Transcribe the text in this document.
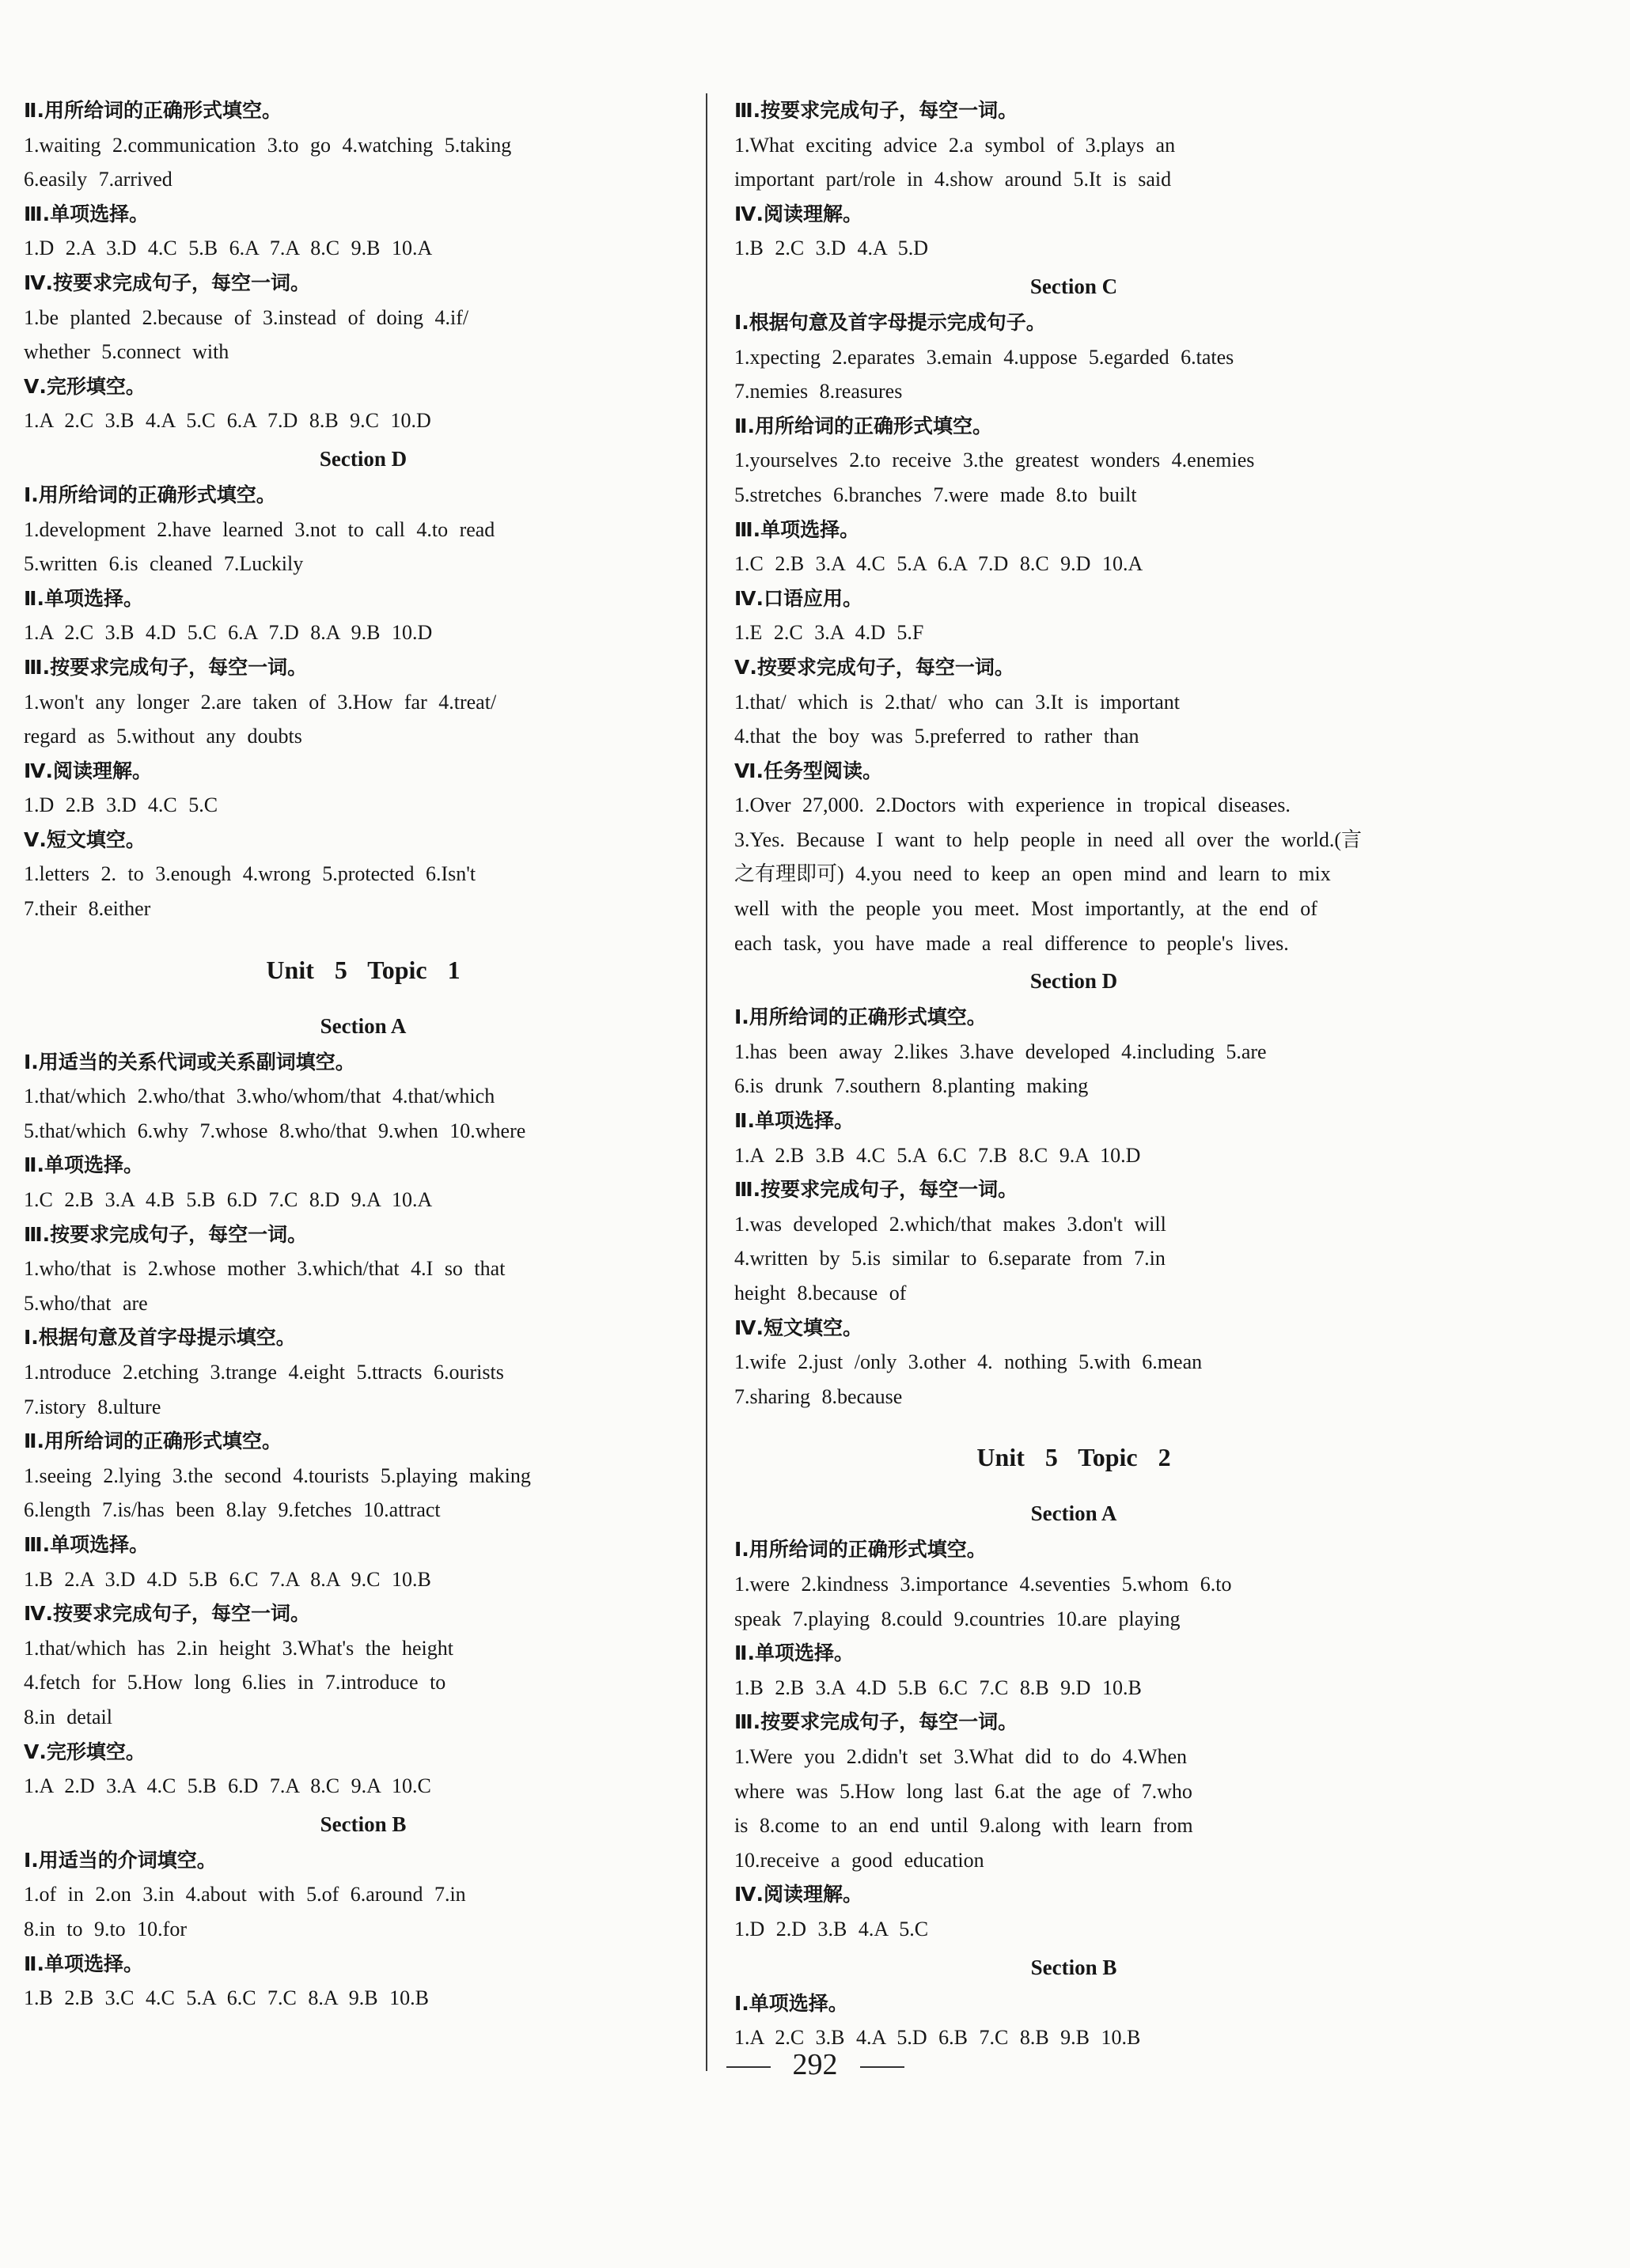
Ⅱ.用所给词的正确形式填空。
1.waiting 2.communication 3.to go 4.watching 5.taking
6.easily 7.arrived
Ⅲ.单项选择。
1.D 2.A 3.D 4.C 5.B 6.A 7.A 8.C 9.B 10.A
Ⅳ.按要求完成句子，每空一词。
1.be planted 2.because of 3.instead of doing 4.if/
whether 5.connect with
Ⅴ.完形填空。
1.A 2.C 3.B 4.A 5.C 6.A 7.D 8.B 9.C 10.D
Section D
Ⅰ.用所给词的正确形式填空。
1.development 2.have learned 3.not to call 4.to read
5.written 6.is cleaned 7.Luckily
Ⅱ.单项选择。
1.A 2.C 3.B 4.D 5.C 6.A 7.D 8.A 9.B 10.D
Ⅲ.按要求完成句子，每空一词。
1.won't any longer 2.are taken of 3.How far 4.treat/
regard as 5.without any doubts
Ⅳ.阅读理解。
1.D 2.B 3.D 4.C 5.C
Ⅴ.短文填空。
1.letters 2. to 3.enough 4.wrong 5.protected 6.Isn't
7.their 8.either
Unit 5 Topic 1
Section A
Ⅰ.用适当的关系代词或关系副词填空。
1.that/which 2.who/that 3.who/whom/that 4.that/which
5.that/which 6.why 7.whose 8.who/that 9.when 10.where
Ⅱ.单项选择。
1.C 2.B 3.A 4.B 5.B 6.D 7.C 8.D 9.A 10.A
Ⅲ.按要求完成句子，每空一词。
1.who/that is 2.whose mother 3.which/that 4.I so that
5.who/that are
Ⅰ.根据句意及首字母提示填空。
1.ntroduce 2.etching 3.trange 4.eight 5.ttracts 6.ourists
7.istory 8.ulture
Ⅱ.用所给词的正确形式填空。
1.seeing 2.lying 3.the second 4.tourists 5.playing making
6.length 7.is/has been 8.lay 9.fetches 10.attract
Ⅲ.单项选择。
1.B 2.A 3.D 4.D 5.B 6.C 7.A 8.A 9.C 10.B
Ⅳ.按要求完成句子，每空一词。
1.that/which has 2.in height 3.What's the height
4.fetch for 5.How long 6.lies in 7.introduce to
8.in detail
Ⅴ.完形填空。
1.A 2.D 3.A 4.C 5.B 6.D 7.A 8.C 9.A 10.C
Section B
Ⅰ.用适当的介词填空。
1.of in 2.on 3.in 4.about with 5.of 6.around 7.in
8.in to 9.to 10.for
Ⅱ.单项选择。
1.B 2.B 3.C 4.C 5.A 6.C 7.C 8.A 9.B 10.B
Ⅲ.按要求完成句子，每空一词。
1.What exciting advice 2.a symbol of 3.plays an
important part/role in 4.show around 5.It is said
Ⅳ.阅读理解。
1.B 2.C 3.D 4.A 5.D
Section C
Ⅰ.根据句意及首字母提示完成句子。
1.xpecting 2.eparates 3.emain 4.uppose 5.egarded 6.tates
7.nemies 8.reasures
Ⅱ.用所给词的正确形式填空。
1.yourselves 2.to receive 3.the greatest wonders 4.enemies
5.stretches 6.branches 7.were made 8.to built
Ⅲ.单项选择。
1.C 2.B 3.A 4.C 5.A 6.A 7.D 8.C 9.D 10.A
Ⅳ.口语应用。
1.E 2.C 3.A 4.D 5.F
Ⅴ.按要求完成句子，每空一词。
1.that/ which is 2.that/ who can 3.It is important
4.that the boy was 5.preferred to rather than
Ⅵ.任务型阅读。
1.Over 27,000. 2.Doctors with experience in tropical diseases.
3.Yes. Because I want to help people in need all over the world.(言
之有理即可) 4.you need to keep an open mind and learn to mix
well with the people you meet. Most importantly, at the end of
each task, you have made a real difference to people's lives.
Section D
Ⅰ.用所给词的正确形式填空。
1.has been away 2.likes 3.have developed 4.including 5.are
6.is drunk 7.southern 8.planting making
Ⅱ.单项选择。
1.A 2.B 3.B 4.C 5.A 6.C 7.B 8.C 9.A 10.D
Ⅲ.按要求完成句子，每空一词。
1.was developed 2.which/that makes 3.don't will
4.written by 5.is similar to 6.separate from 7.in
height 8.because of
Ⅳ.短文填空。
1.wife 2.just /only 3.other 4. nothing 5.with 6.mean
7.sharing 8.because
Unit 5 Topic 2
Section A
Ⅰ.用所给词的正确形式填空。
1.were 2.kindness 3.importance 4.seventies 5.whom 6.to
speak 7.playing 8.could 9.countries 10.are playing
Ⅱ.单项选择。
1.B 2.B 3.A 4.D 5.B 6.C 7.C 8.B 9.D 10.B
Ⅲ.按要求完成句子，每空一词。
1.Were you 2.didn't set 3.What did to do 4.When
where was 5.How long last 6.at the age of 7.who
is 8.come to an end until 9.along with learn from
10.receive a good education
Ⅳ.阅读理解。
1.D 2.D 3.B 4.A 5.C
Section B
Ⅰ.单项选择。
1.A 2.C 3.B 4.A 5.D 6.B 7.C 8.B 9.B 10.B
292
